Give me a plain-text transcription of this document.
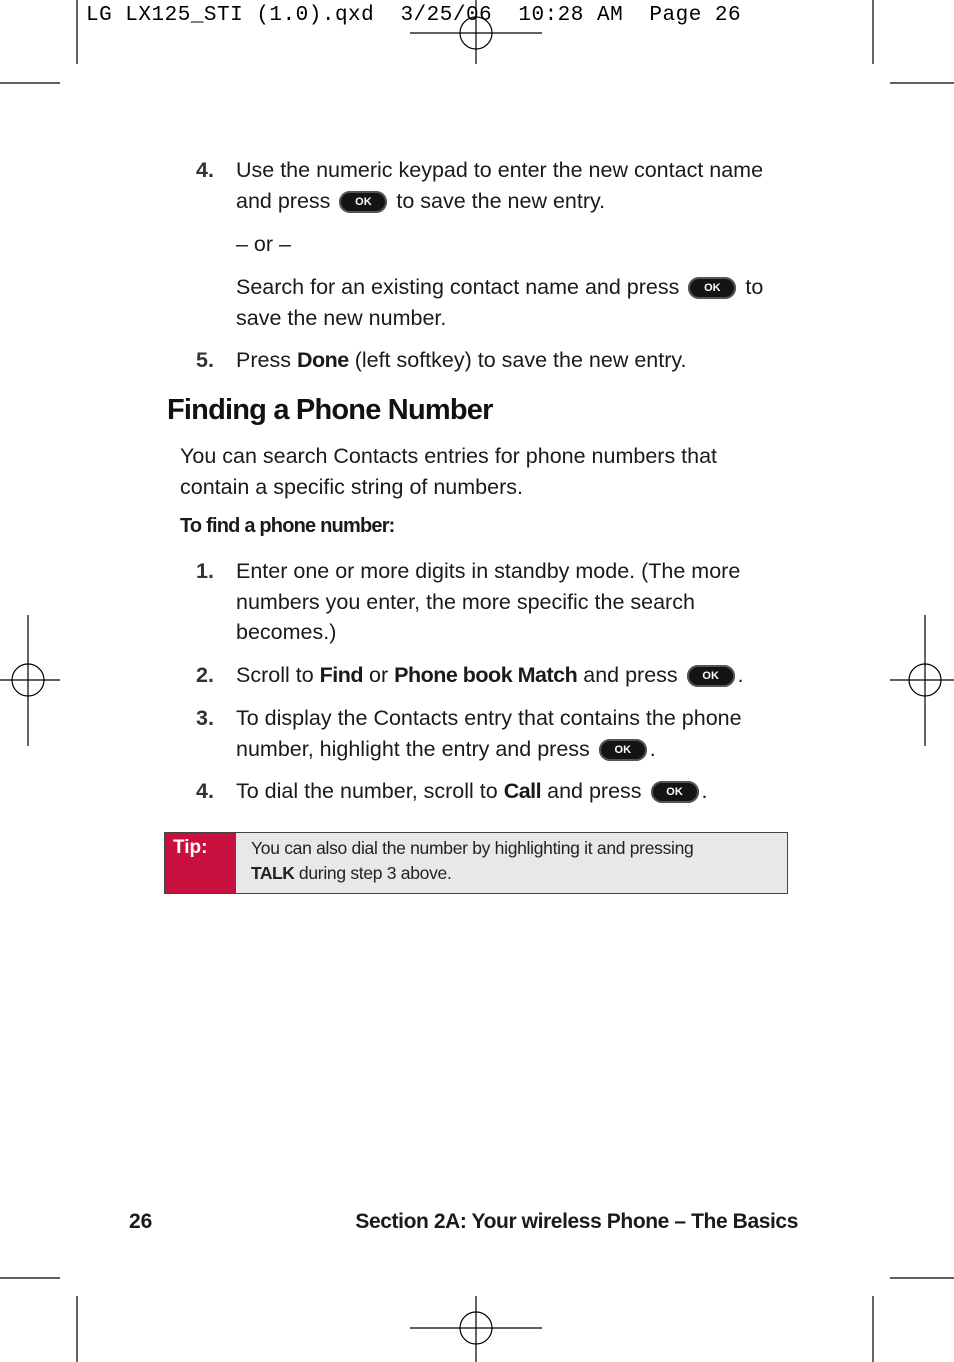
LG LX125_STI (1.0).qxd  3/25/06  10:28 AM  Page 26
4.	Use the numeric keypad to enter the new contact name
and press OK to save the new entry.
– or –
Search for an existing contact name and press OK to
save the new number.
5.	Press Done (left softkey) to save the new entry.
Finding a Phone Number
You can search Contacts entries for phone numbers that
contain a specific string of numbers.
To find a phone number:
1.	Enter one or more digits in standby mode. (The more
numbers you enter, the more specific the search
becomes.)
2.	Scroll to Find or Phone book Match and press OK .
3.	To display the Contacts entry that contains the phone
number, highlight the entry and press OK .
4.	To dial the number, scroll to Call and press OK .
Tip:	You can also dial the number by highlighting it and pressing
TALK during step 3 above.
26	Section 2A: Your wireless Phone – The Basics
